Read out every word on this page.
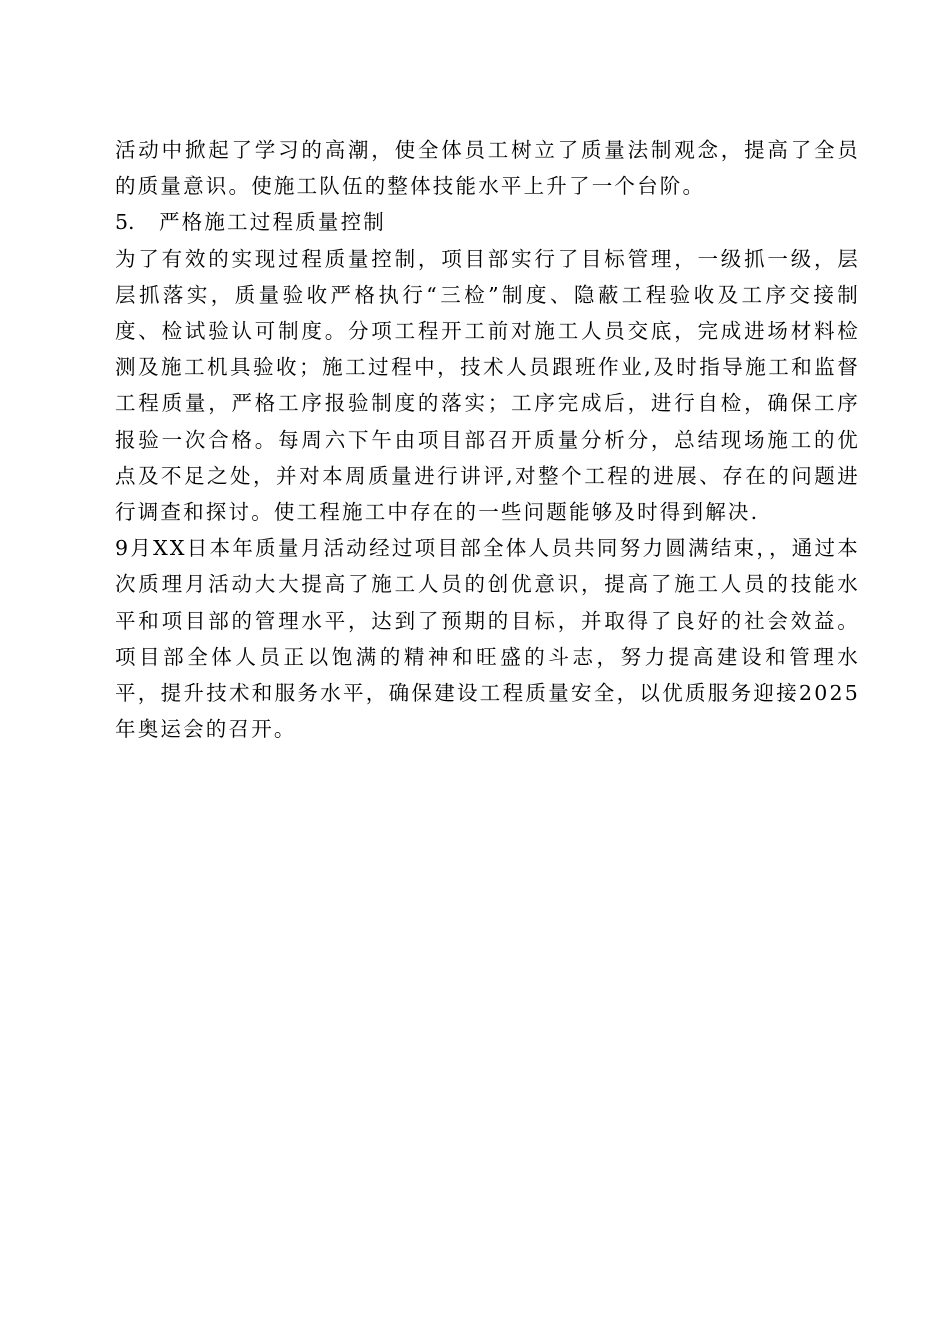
活动中掀起了学习的高潮，使全体员工树立了质量法制观念，提高了全员的质量意识。使施工队伍的整体技能水平上升了一个台阶。

5.	严格施工过程质量控制

为了有效的实现过程质量控制，项目部实行了目标管理，一级抓一级，层层抓落实，质量验收严格执行“三检”制度、隐蔽工程验收及工序交接制度、检试验认可制度。分项工程开工前对施工人员交底，完成进场材料检测及施工机具验收；施工过程中，技术人员跟班作业,及时指导施工和监督工程质量，严格工序报验制度的落实；工序完成后，进行自检，确保工序报验一次合格。每周六下午由项目部召开质量分析分，总结现场施工的优点及不足之处，并对本周质量进行讲评,对整个工程的进展、存在的问题进行调查和探讨。使工程施工中存在的一些问题能够及时得到解决.

9月XX日本年质量月活动经过项目部全体人员共同努力圆满结束，，通过本次质理月活动大大提高了施工人员的创优意识，提高了施工人员的技能水平和项目部的管理水平，达到了预期的目标，并取得了良好的社会效益。项目部全体人员正以饱满的精神和旺盛的斗志，努力提高建设和管理水平，提升技术和服务水平，确保建设工程质量安全，以优质服务迎接2025年奥运会的召开。
